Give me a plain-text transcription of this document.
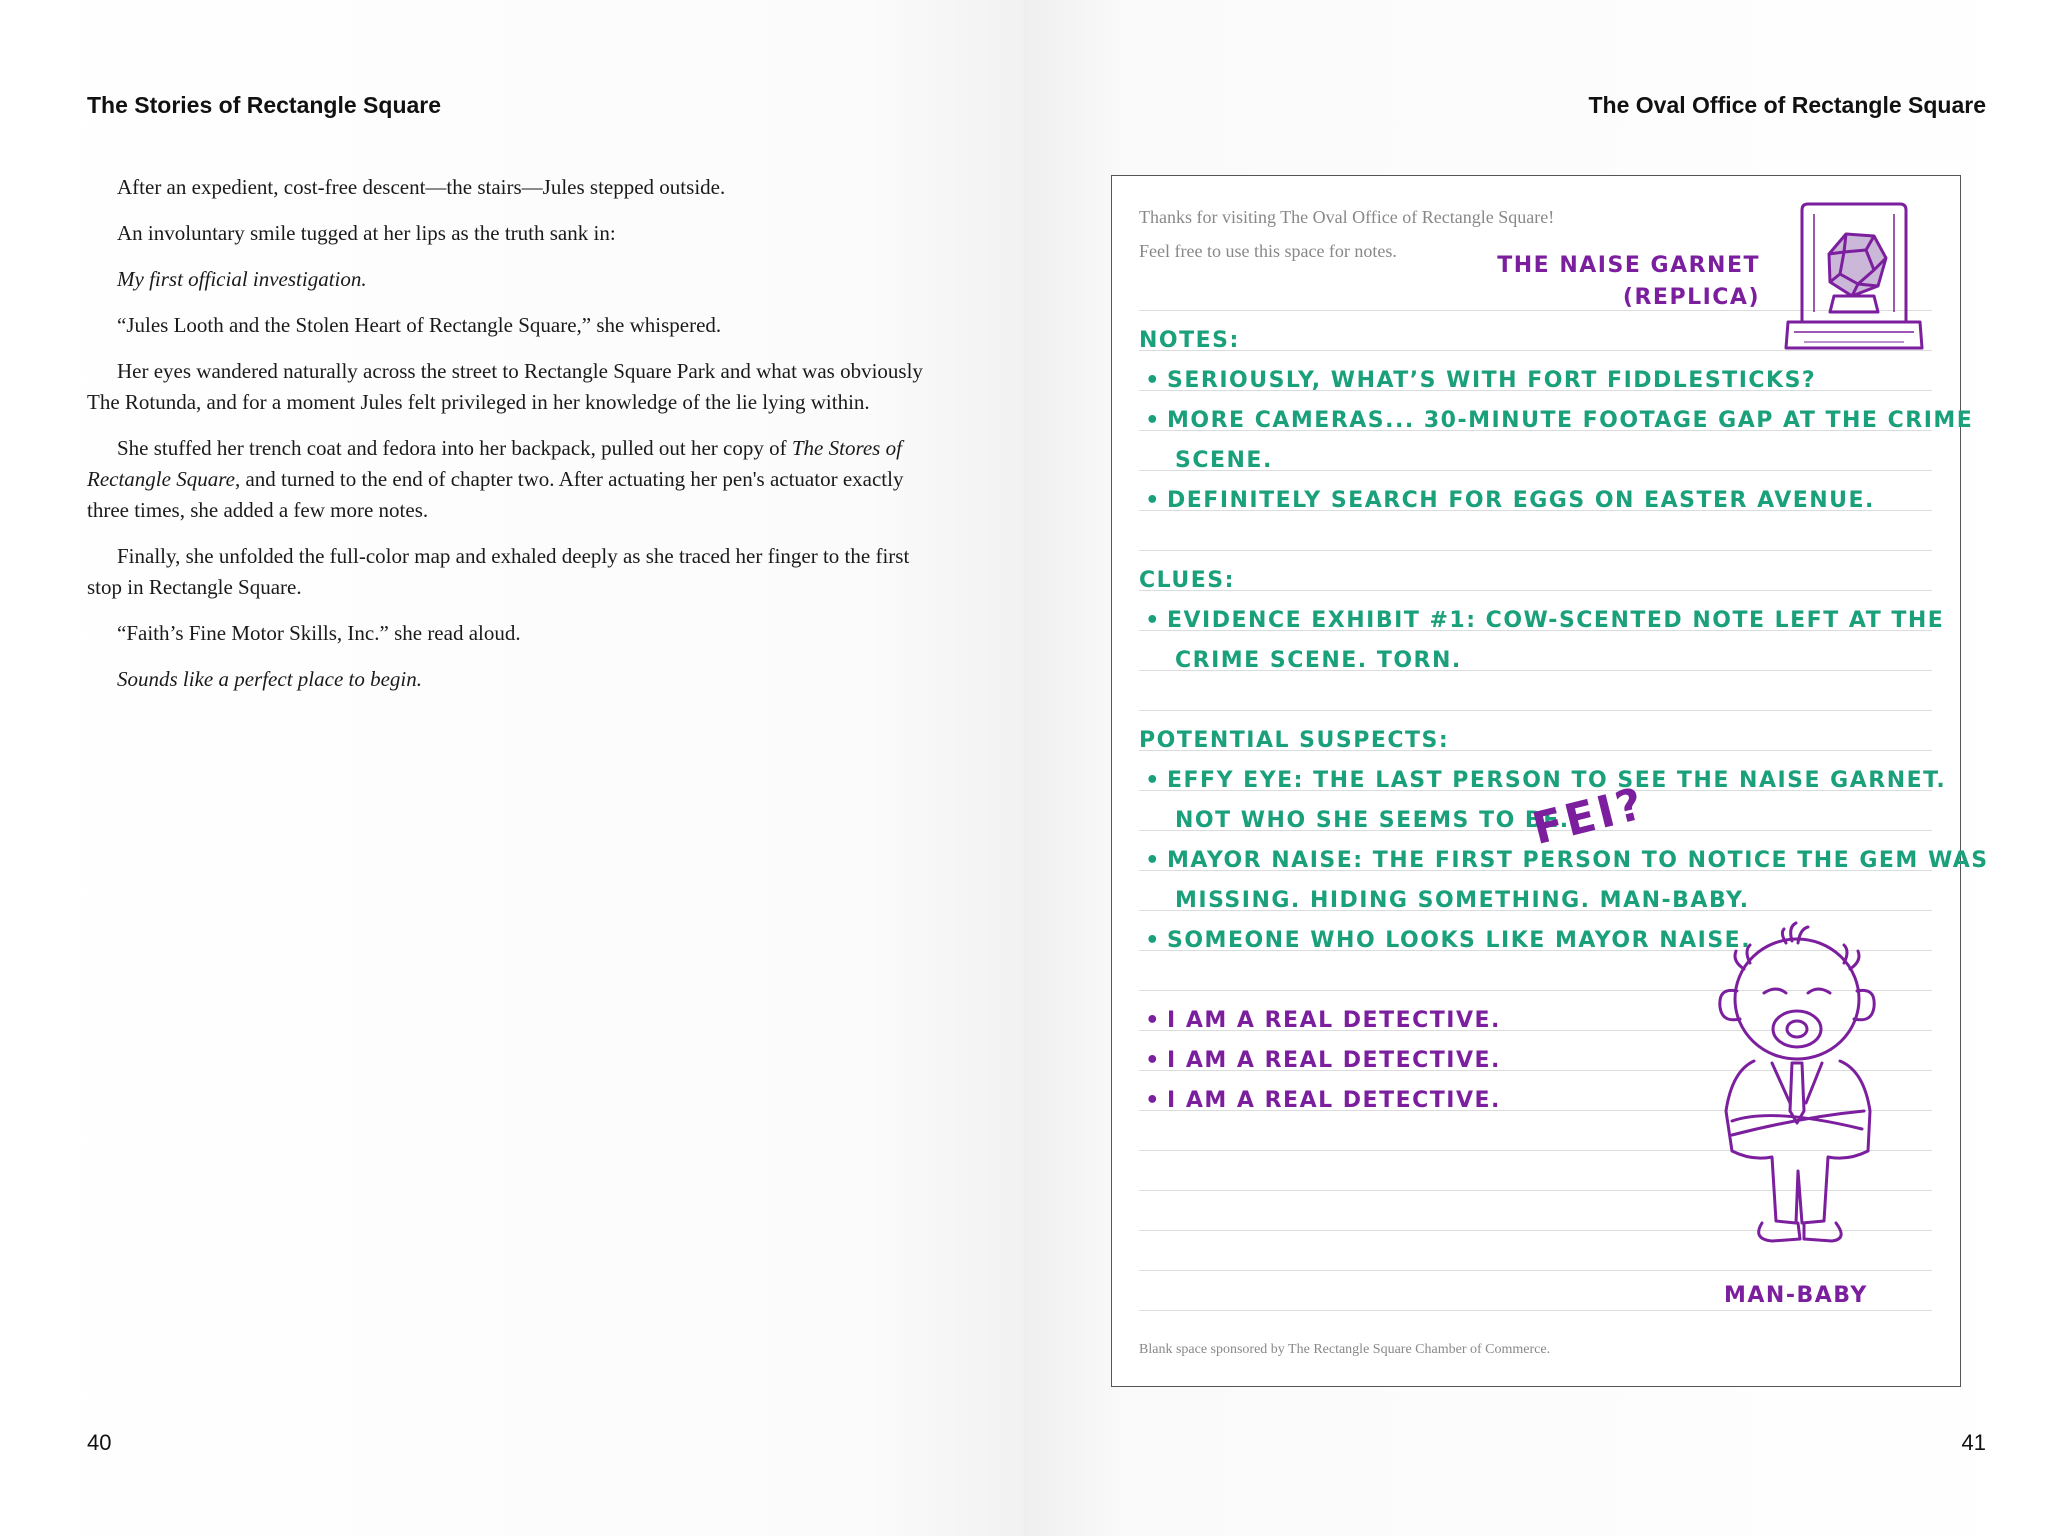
The Stories of Rectangle Square

After an expedient, cost-free descent—the stairs—Jules stepped outside.

An involuntary smile tugged at her lips as the truth sank in:

My first official investigation.

“Jules Looth and the Stolen Heart of Rectangle Square,” she whispered.

Her eyes wandered naturally across the street to Rectangle Square Park and what was obviously The Rotunda, and for a moment Jules felt privileged in her knowledge of the lie lying within.

She stuffed her trench coat and fedora into her backpack, pulled out her copy of The Stores of Rectangle Square, and turned to the end of chapter two. After actuating her pen's actuator exactly three times, she added a few more notes.

Finally, she unfolded the full-color map and exhaled deeply as she traced her finger to the first stop in Rectangle Square.

“Faith’s Fine Motor Skills, Inc.” she read aloud.

Sounds like a perfect place to begin.

40
The Oval Office of Rectangle Square
Thanks for visiting The Oval Office of Rectangle Square!
Feel free to use this space for notes.
THE NAISE GARNET
(REPLICA)
NOTES:
• SERIOUSLY, WHAT’S WITH FORT FIDDLESTICKS?
• MORE CAMERAS... 30-MINUTE FOOTAGE GAP AT THE CRIME
SCENE.
• DEFINITELY SEARCH FOR EGGS ON EASTER AVENUE.
CLUES:
• EVIDENCE EXHIBIT #1: COW-SCENTED NOTE LEFT AT THE
CRIME SCENE. TORN.
POTENTIAL SUSPECTS:
• EFFY EYE: THE LAST PERSON TO SEE THE NAISE GARNET.
NOT WHO SHE SEEMS TO BE.
• MAYOR NAISE: THE FIRST PERSON TO NOTICE THE GEM WAS
MISSING. HIDING SOMETHING. MAN-BABY.
• SOMEONE WHO LOOKS LIKE MAYOR NAISE.
FEI?
• I AM A REAL DETECTIVE.
• I AM A REAL DETECTIVE.
• I AM A REAL DETECTIVE.
MAN-BABY
Blank space sponsored by The Rectangle Square Chamber of Commerce.
41
